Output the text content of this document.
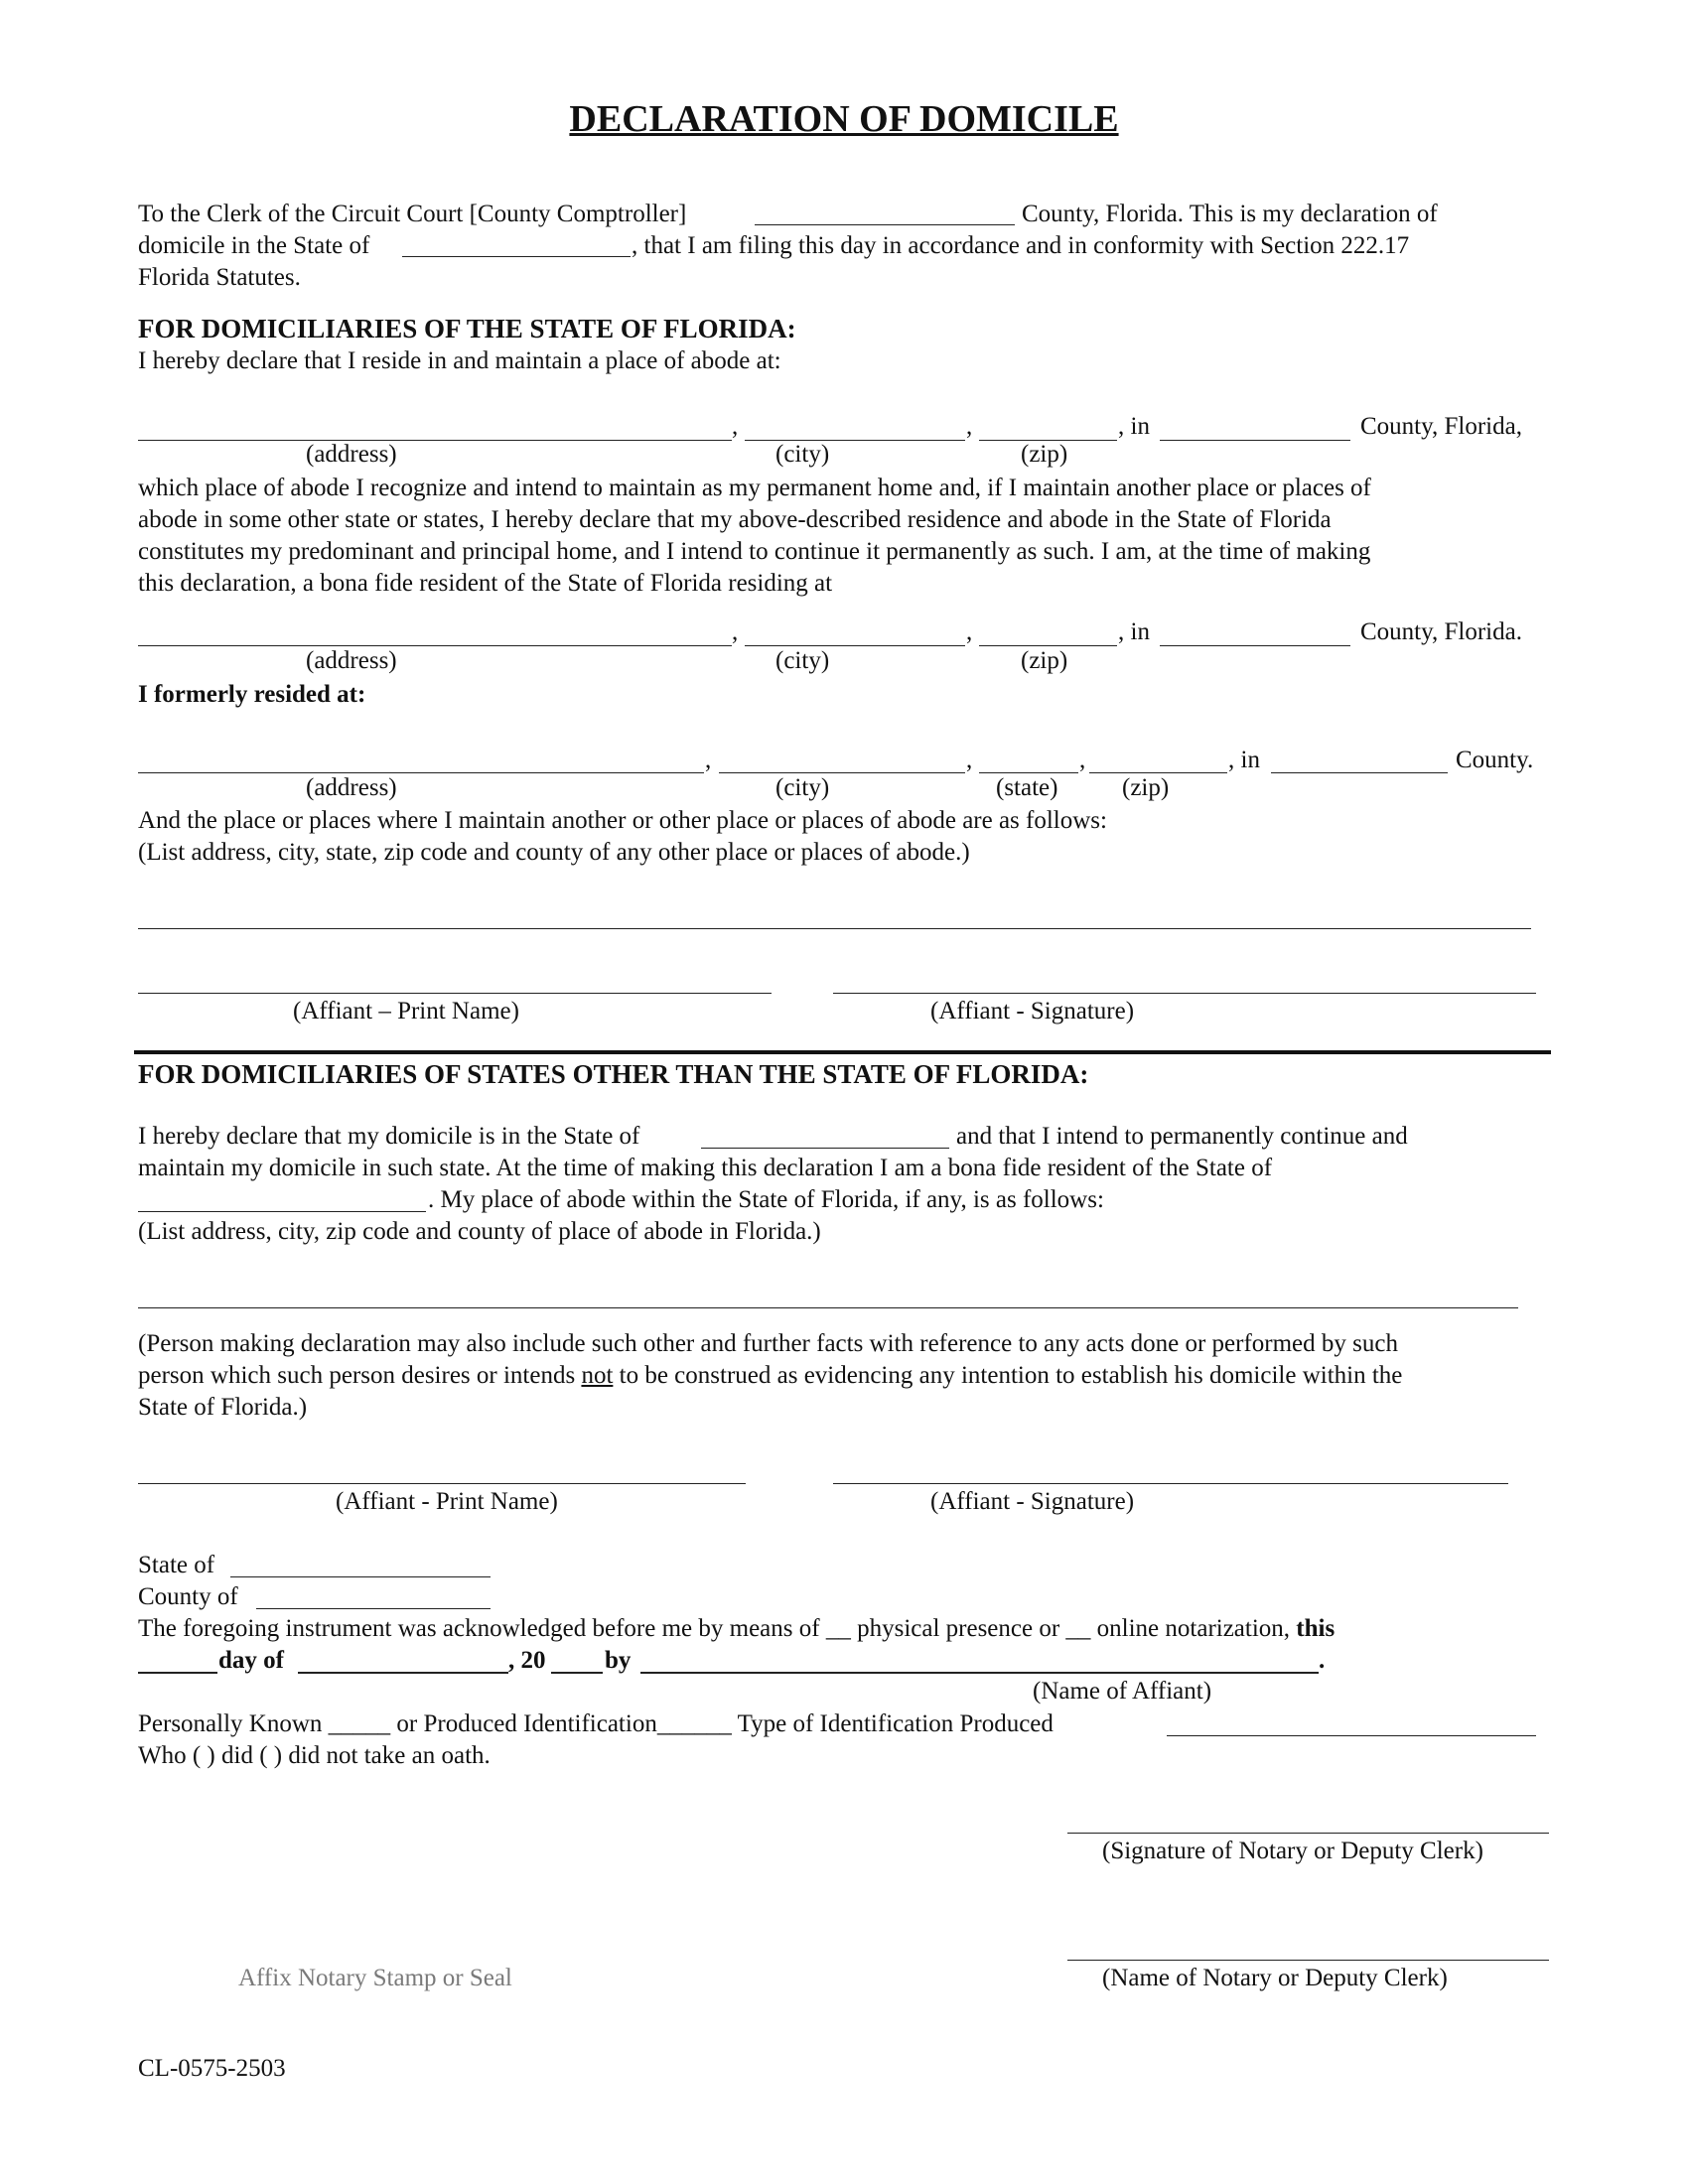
DECLARATION OF DOMICILE
To the Clerk of the Circuit Court [County Comptroller]	County, Florida. This is my declaration of
domicile in the State of	, that I am filing this day in accordance and in conformity with Section 222.17
Florida Statutes.
FOR DOMICILIARIES OF THE STATE OF FLORIDA:
I hereby declare that I reside in and maintain a place of abode at:
,	,	, in	County, Florida,
(address)	(city)	(zip)
which place of abode I recognize and intend to maintain as my permanent home and, if I maintain another place or places of
abode in some other state or states, I hereby declare that my above-described residence and abode in the State of Florida
constitutes my predominant and principal home, and I intend to continue it permanently as such. I am, at the time of making
this declaration, a bona fide resident of the State of Florida residing at
,	,	, in	County, Florida.
(address)	(city)	(zip)
I formerly resided at:
,	,	,	, in	County.
(address)	(city)	(state)	(zip)
And the place or places where I maintain another or other place or places of abode are as follows:
(List address, city, state, zip code and county of any other place or places of abode.)
(Affiant – Print Name)	(Affiant - Signature)
FOR DOMICILIARIES OF STATES OTHER THAN THE STATE OF FLORIDA:
I hereby declare that my domicile is in the State of	and that I intend to permanently continue and
maintain my domicile in such state. At the time of making this declaration I am a bona fide resident of the State of
. My place of abode within the State of Florida, if any, is as follows:
(List address, city, zip code and county of place of abode in Florida.)
(Person making declaration may also include such other and further facts with reference to any acts done or performed by such
person which such person desires or intends not to be construed as evidencing any intention to establish his domicile within the
State of Florida.)
(Affiant - Print Name)	(Affiant - Signature)
State of
County of
The foregoing instrument was acknowledged before me by means of __ physical presence or __ online notarization, this
day of	, 20 by	.
(Name of Affiant)
Personally Known _____ or Produced Identification______ Type of Identification Produced
Who ( ) did ( ) did not take an oath.
(Signature of Notary or Deputy Clerk)
Affix Notary Stamp or Seal	(Name of Notary or Deputy Clerk)
CL-0575-2503
